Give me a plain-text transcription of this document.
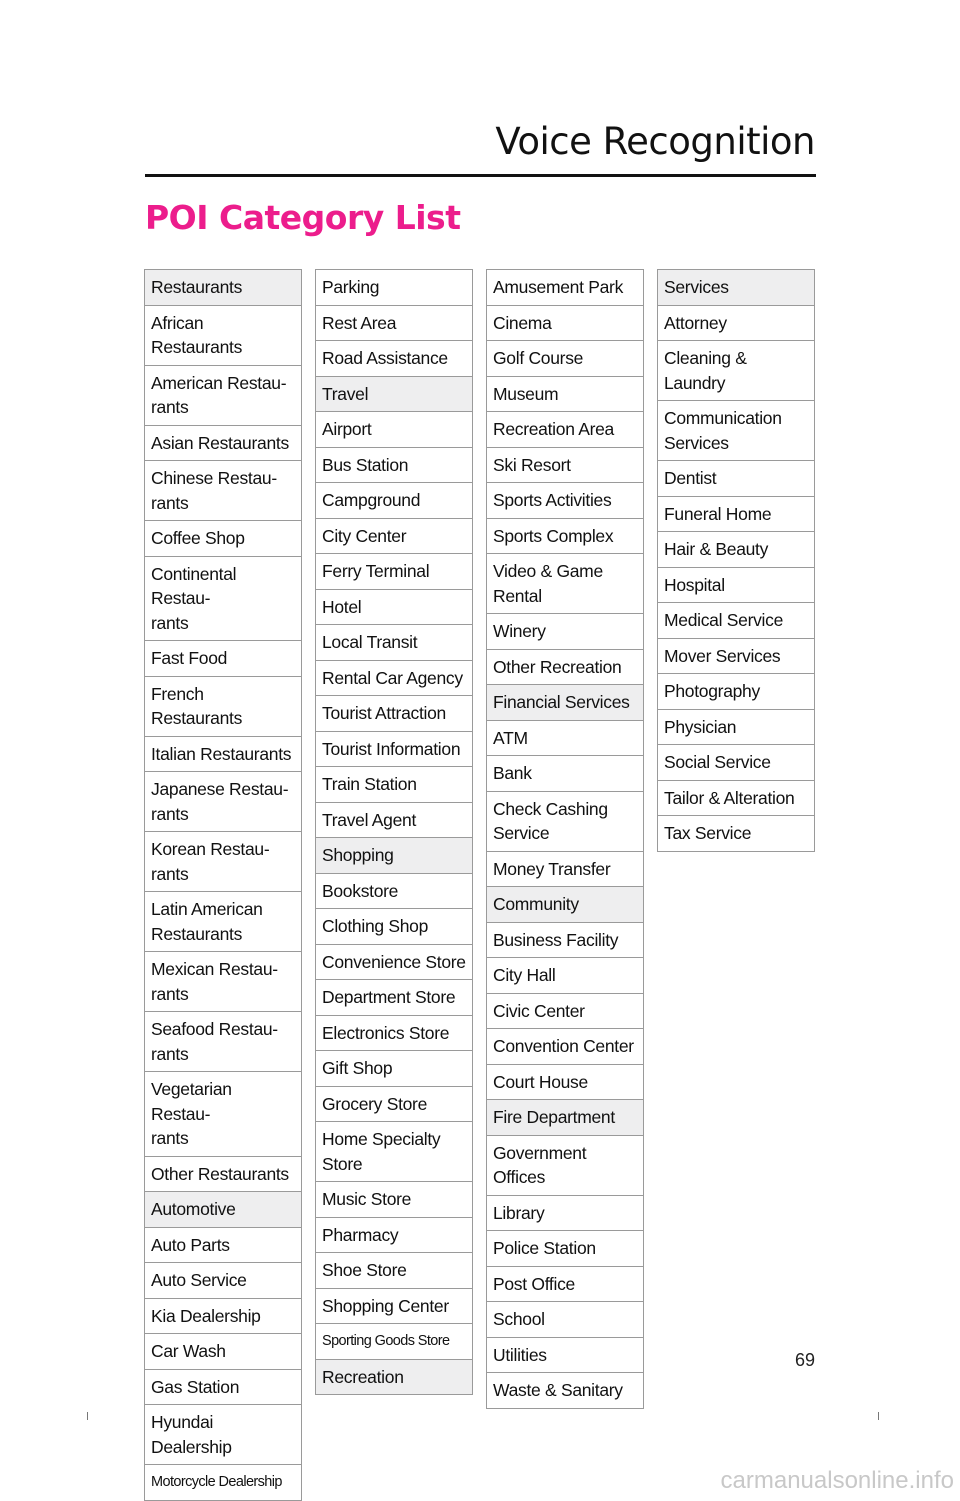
Voice Recognition
POI Category List
Restaurants
African Restaurants
American Restau-
rants
Asian Restaurants
Chinese Restau-
rants
Coffee Shop
Continental Restau-
rants
Fast Food
French Restaurants
Italian Restaurants
Japanese Restau-
rants
Korean Restau-
rants
Latin American
Restaurants
Mexican Restau-
rants
Seafood Restau-
rants
Vegetarian Restau-
rants
Other Restaurants
Automotive
Auto Parts
Auto Service
Kia Dealership
Car Wash
Gas Station
Hyundai Dealership
Motorcycle Dealership
Parking
Rest Area
Road Assistance
Travel
Airport
Bus Station
Campground
City Center
Ferry Terminal
Hotel
Local Transit
Rental Car Agency
Tourist Attraction
Tourist Information
Train Station
Travel Agent
Shopping
Bookstore
Clothing Shop
Convenience Store
Department Store
Electronics Store
Gift Shop
Grocery Store
Home Specialty
Store
Music Store
Pharmacy
Shoe Store
Shopping Center
Sporting Goods Store
Recreation
Amusement Park
Cinema
Golf Course
Museum
Recreation Area
Ski Resort
Sports Activities
Sports Complex
Video & Game
Rental
Winery
Other Recreation
Financial Services
ATM
Bank
Check Cashing
Service
Money Transfer
Community
Business Facility
City Hall
Civic Center
Convention Center
Court House
Fire Department
Government Offices
Library
Police Station
Post Office
School
Utilities
Waste & Sanitary
Services
Attorney
Cleaning & Laundry
Communication
Services
Dentist
Funeral Home
Hair & Beauty
Hospital
Medical Service
Mover Services
Photography
Physician
Social Service
Tailor & Alteration
Tax Service
69
carmanualsonline.info
